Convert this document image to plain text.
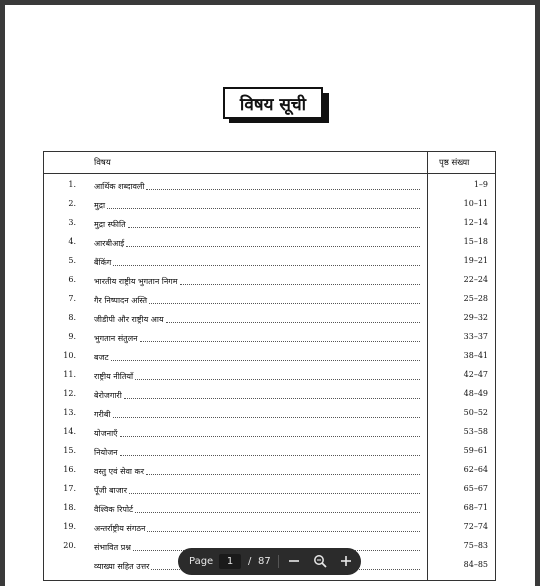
विषय सूची
विषय	पृष्ठ संख्या
1. आर्थिक शब्दावली	1–9
2. मुद्रा	10–11
3. मुद्रा स्फीति	12–14
4. आरबीआई	15–18
5. बैंकिंग	19–21
6. भारतीय राष्ट्रीय भुगतान निगम	22–24
7. गैर निष्पादन अस्ति	25–28
8. जीडीपी और राष्ट्रीय आय	29–32
9. भुगतान संतुलन	33–37
10. बजट	38–41
11. राष्ट्रीय नीतियाँ	42–47
12. बेरोजगारी	48–49
13. गरीबी	50–52
14. योजनाएँ	53–58
15. नियोजन	59–61
16. वस्तु एवं सेवा कर	62–64
17. पूँजी बाजार	65–67
18. वैश्विक रिपोर्ट	68–71
19. अन्तर्राष्ट्रीय संगठन	72–74
20. संभावित प्रश्न	75–83
व्याख्या सहित उत्तर	84–85
Page	1	/ 87
